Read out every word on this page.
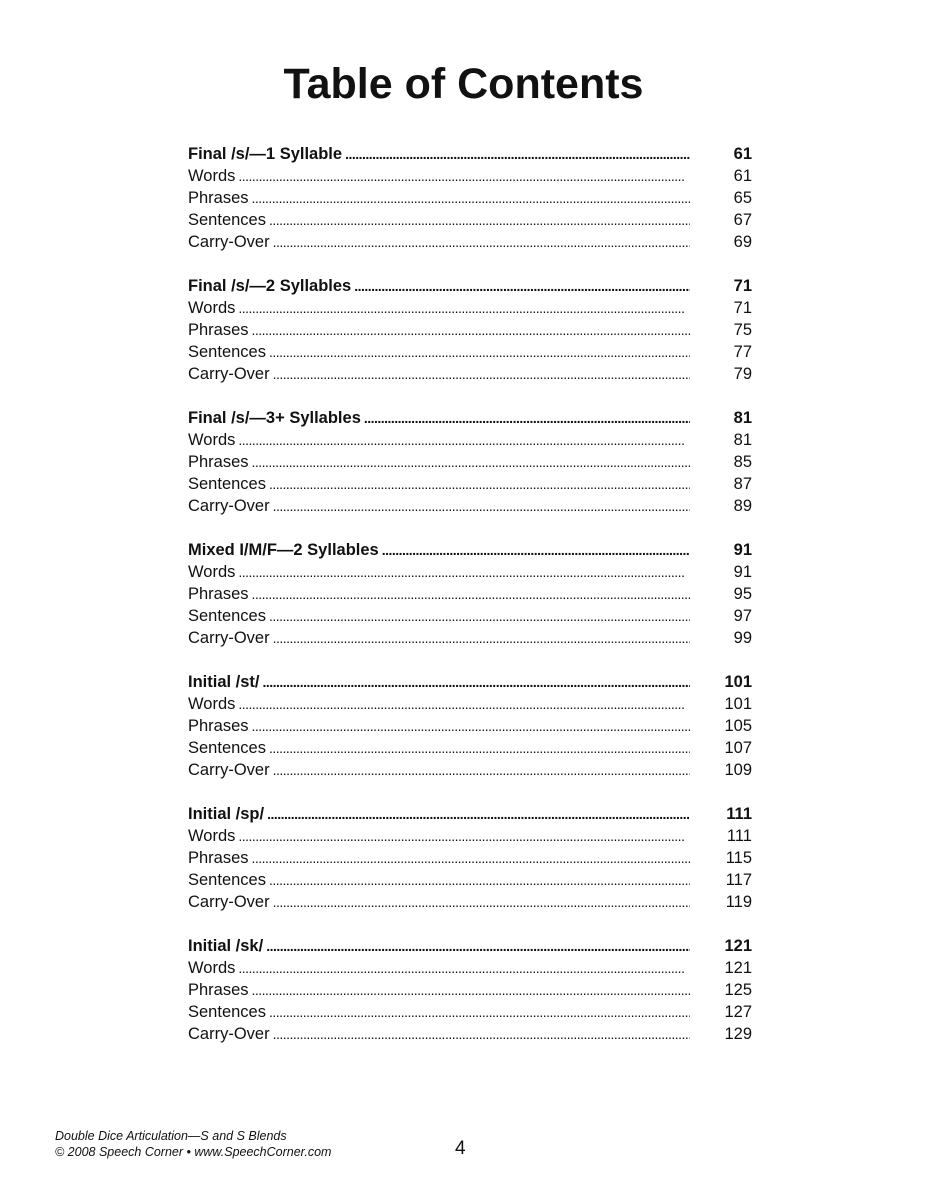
Table of Contents
Final /s/—1 Syllable . . .	61
Words . . .	61
Phrases . . .	65
Sentences . . .	67
Carry-Over . . .	69
Final /s/—2 Syllables . . .	71
Words . . .	71
Phrases . . .	75
Sentences . . .	77
Carry-Over . . .	79
Final /s/—3+ Syllables . . .	81
Words . . .	81
Phrases . . .	85
Sentences . . .	87
Carry-Over . . .	89
Mixed I/M/F—2 Syllables . . .	91
Words . . .	91
Phrases . . .	95
Sentences . . .	97
Carry-Over . . .	99
Initial /st/ . . .	101
Words . . .	101
Phrases . . .	105
Sentences . . .	107
Carry-Over . . .	109
Initial /sp/ . . .	111
Words . . .	111
Phrases . . .	115
Sentences . . .	117
Carry-Over . . .	119
Initial /sk/ . . .	121
Words . . .	121
Phrases . . .	125
Sentences . . .	127
Carry-Over . . .	129
Double Dice Articulation—S and S Blends
© 2008 Speech Corner • www.SpeechCorner.com	4
